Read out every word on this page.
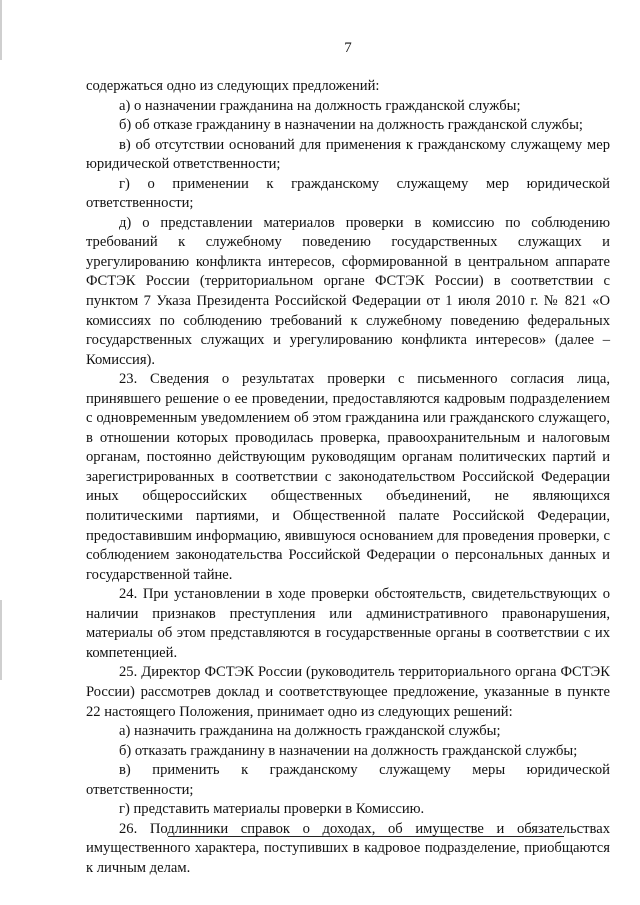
7

содержаться одно из следующих предложений:

а) о назначении гражданина на должность гражданской службы;

б) об отказе гражданину в назначении на должность гражданской службы;

в) об отсутствии оснований для применения к гражданскому служащему мер юридической ответственности;

г) о применении к гражданскому служащему мер юридической ответственности;

д) о представлении материалов проверки в комиссию по соблюдению требований к служебному поведению государственных служащих и урегулированию конфликта интересов, сформированной в центральном аппарате ФСТЭК России (территориальном органе ФСТЭК России) в соответствии с пунктом 7 Указа Президента Российской Федерации от 1 июля 2010 г. № 821 «О комиссиях по соблюдению требований к служебному поведению федеральных государственных служащих и урегулированию конфликта интересов» (далее – Комиссия).

23. Сведения о результатах проверки с письменного согласия лица, принявшего решение о ее проведении, предоставляются кадровым подразделением с одновременным уведомлением об этом гражданина или гражданского служащего, в отношении которых проводилась проверка, правоохранительным и налоговым органам, постоянно действующим руководящим органам политических партий и зарегистрированных в соответствии с законодательством Российской Федерации иных общероссийских общественных объединений, не являющихся политическими партиями, и Общественной палате Российской Федерации, предоставившим информацию, явившуюся основанием для проведения проверки, с соблюдением законодательства Российской Федерации о персональных данных и государственной тайне.

24. При установлении в ходе проверки обстоятельств, свидетельствующих о наличии признаков преступления или административного правонарушения, материалы об этом представляются в государственные органы в соответствии с их компетенцией.

25. Директор ФСТЭК России (руководитель территориального органа ФСТЭК России) рассмотрев доклад и соответствующее предложение, указанные в пункте 22 настоящего Положения, принимает одно из следующих решений:

а) назначить гражданина на должность гражданской службы;

б) отказать гражданину в назначении на должность гражданской службы;

в) применить к гражданскому служащему меры юридической ответственности;

г) представить материалы проверки в Комиссию.

26. Подлинники справок о доходах, об имуществе и обязательствах имущественного характера, поступивших в кадровое подразделение, приобщаются к личным делам.
